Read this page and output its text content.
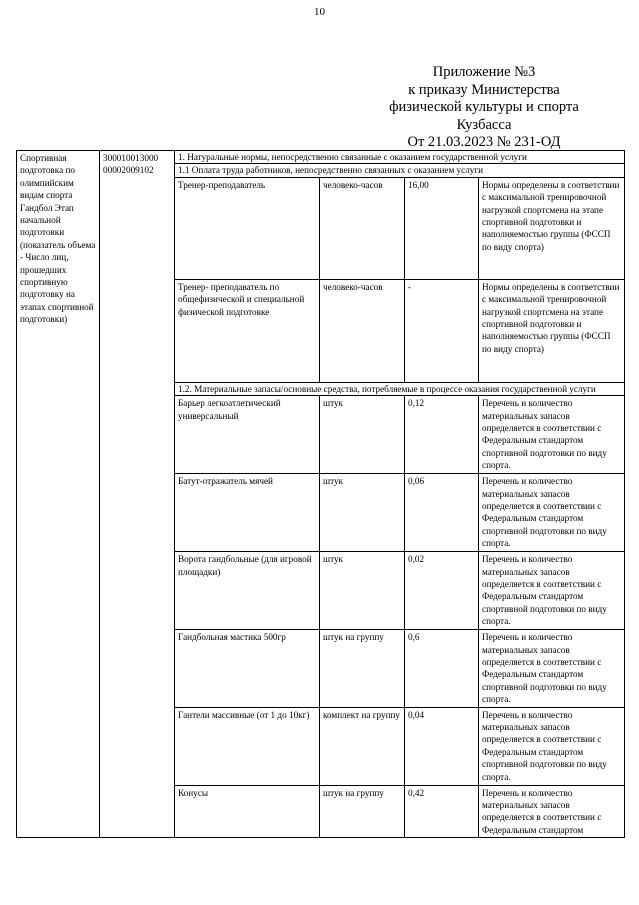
10
Приложение №3
к приказу Министерства
физической культуры и спорта
Кузбасса
От 21.03.2023 № 231-ОД
Спортивная подготовка по олимпийским видам спорта Гандбол Этап начальной подготовки (показатель объема - Число лиц, прошедших спортивную подготовку на этапах спортивной подготовки)	300010013000 00002009102	1. Натуральные нормы, непосредственно связанные с оказанием государственной услуги			
		1.1 Оплата труда работников, непосредственно связанных с оказанием услуги			
		Тренер-преподаватель	человеко-часов	16,00	Нормы определены в соответствии с максимальной тренировочной нагрузкой спортсмена на этапе спортивной подготовки и наполняемостью группы (ФССП по виду спорта)
		Тренер- преподаватель по общефизической и специальной физической подготовке	человеко-часов	-	Нормы определены в соответствии с максимальной тренировочной нагрузкой спортсмена на этапе спортивной подготовки и наполняемостью группы (ФССП по виду спорта)
		1.2. Материальные запасы/основные средства, потребляемые в процессе оказания государственной услуги			
		Барьер легкоатлетический универсальный	штук	0,12	Перечень и количество материальных запасов определяется в соответствии с Федеральным стандартом спортивной подготовки по виду спорта.
		Батут-отражатель мячей	штук	0,06	Перечень и количество материальных запасов определяется в соответствии с Федеральным стандартом спортивной подготовки по виду спорта.
		Ворота гандбольные (для игровой площадки)	штук	0,02	Перечень и количество материальных запасов определяется в соответствии с Федеральным стандартом спортивной подготовки по виду спорта.
		Гандбольная мастика 500гр	штук на группу	0,6	Перечень и количество материальных запасов определяется в соответствии с Федеральным стандартом спортивной подготовки по виду спорта.
		Гантели массивные (от 1 до 10кг)	комплект на группу	0,04	Перечень и количество материальных запасов определяется в соответствии с Федеральным стандартом спортивной подготовки по виду спорта.
		Конусы	штук на группу	0,42	Перечень и количество материальных запасов определяется в соответствии с Федеральным стандартом
